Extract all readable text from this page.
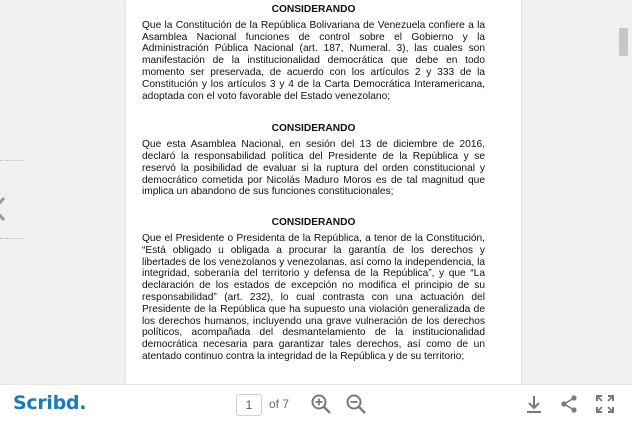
CONSIDERANDO

Que la Constitución de la República Bolivariana de Venezuela confiere a la Asamblea Nacional funciones de control sobre el Gobierno y la Administración Pública Nacional (art. 187, Numeral. 3), las cuales son manifestación de la institucionalidad democrática que debe en todo momento ser preservada, de acuerdo con los artículos 2 y 333 de la Constitución y los artículos 3 y 4 de la Carta Democrática Interamericana, adoptada con el voto favorable del Estado venezolano;

CONSIDERANDO

Que esta Asamblea Nacional, en sesión del 13 de diciembre de 2016, declaró la responsabilidad política del Presidente de la República y se reservó la posibilidad de evaluar si la ruptura del orden constitucional y democrático cometida por Nicolás Maduro Moros es de tal magnitud que implica un abandono de sus funciones constitucionales;

CONSIDERANDO

Que el Presidente o Presidenta de la República, a tenor de la Constitución, “Está obligado u obligada a procurar la garantía de los derechos y libertades de los venezolanos y venezolanas, así como la independencia, la integridad, soberanía del territorio y defensa de la República”, y que “La declaración de los estados de excepción no modifica el principio de su responsabilidad” (art. 232), lo cual contrasta con una actuación del Presidente de la República que ha supuesto una violación generalizada de los derechos humanos, incluyendo una grave vulneración de los derechos políticos, acompañada del desmantelamiento de la institucionalidad democrática necesaria para garantizar tales derechos, así como de un atentado continuo contra la integridad de la República y de su territorio;

Scribd.	1	of 7
